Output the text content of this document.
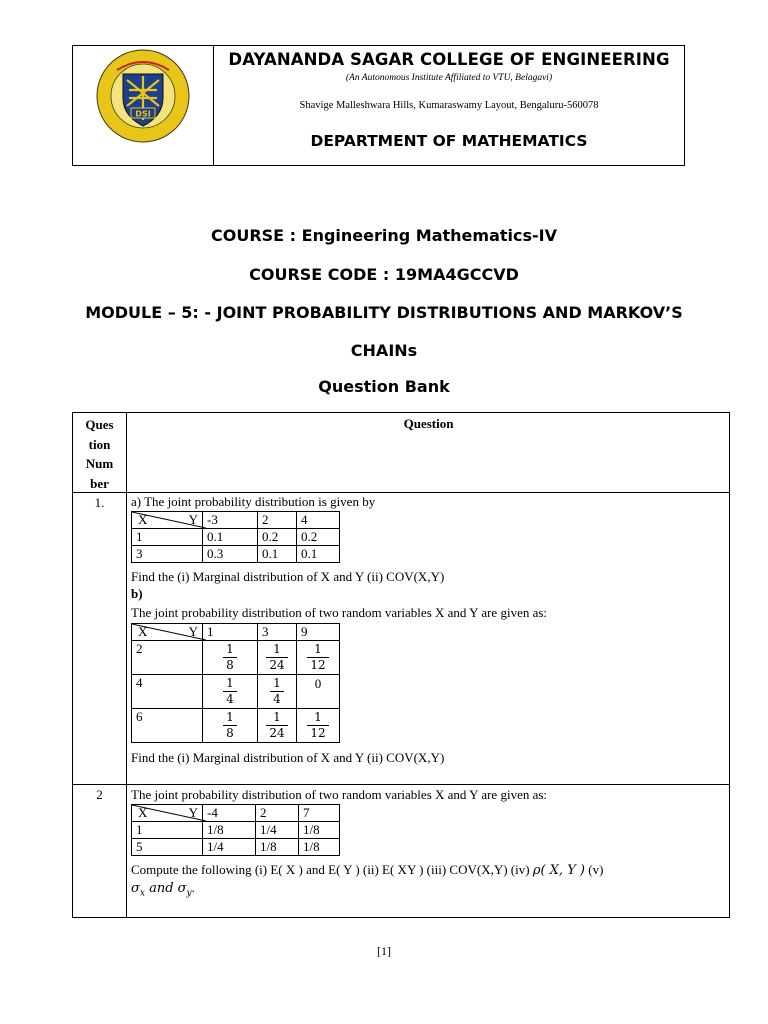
DSI
DAYANANDA SAGAR COLLEGE OF ENGINEERING
(An Autonomous Institute Affiliated to VTU, Belagavi)
Shavige Malleshwara Hills, Kumaraswamy Layout, Bengaluru-560078
DEPARTMENT OF MATHEMATICS
COURSE : Engineering Mathematics-IV
COURSE CODE : 19MA4GCCVD
MODULE – 5: - JOINT PROBABILITY DISTRIBUTIONS AND MARKOV’S
CHAINs
Question Bank
Ques
tion
Num
ber
Question
1.	a) The joint probability distribution is given by
X Y	-3	2	4
1	0.1	0.2	0.2
3	0.3	0.1	0.1
Find the (i) Marginal distribution of X and Y (ii) COV(X,Y)
b)
The joint probability distribution of two random variables X and Y are given as:
X Y	1	3	9
2	$\frac{1}{8}$	$\frac{1}{24}$	$\frac{1}{12}$

4	$\frac{1}{4}$	$\frac{1}{4}$	0
6	$\frac{1}{8}$	$\frac{1}{24}$	$\frac{1}{12}$
Find the (i) Marginal distribution of X and Y (ii) COV(X,Y)
2	The joint probability distribution of two random variables X and Y are given as:
X Y	-4	2	7
1	1/8	1/4	1/8
5	1/4	1/8	1/8
Compute the following (i) E( X ) and E( Y ) (ii) E( XY ) (iii) COV(X,Y) (iv) ρ( X, Y ) (v)
$\sigma_x$ and $\sigma_y$.
[1]
